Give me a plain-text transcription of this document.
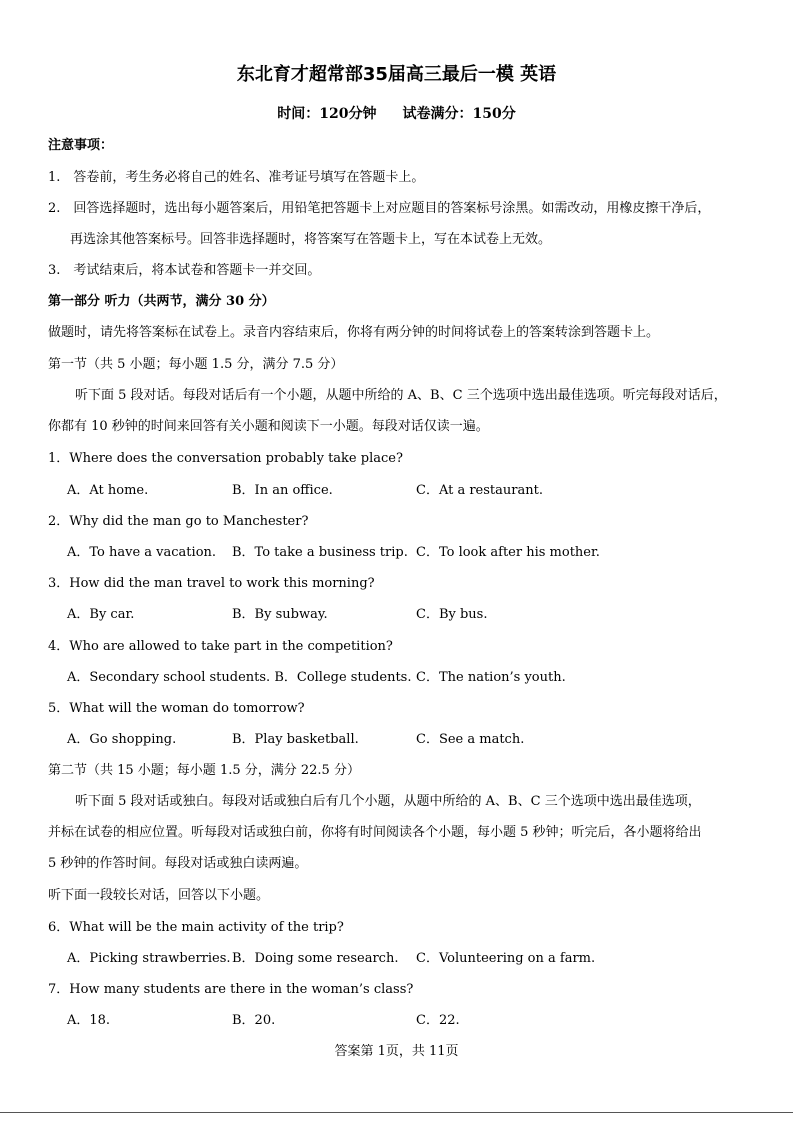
东北育才超常部35届高三最后一模 英语
时间：120分钟 试卷满分：150分
注意事项：
1.　答卷前，考生务必将自己的姓名、准考证号填写在答题卡上。
2.　回答选择题时，选出每小题答案后，用铅笔把答题卡上对应题目的答案标号涂黑。如需改动，用橡皮擦干净后，
再选涂其他答案标号。回答非选择题时，将答案写在答题卡上，写在本试卷上无效。
3.　考试结束后，将本试卷和答题卡一并交回。
第一部分 听力（共两节，满分 30 分）
做题时，请先将答案标在试卷上。录音内容结束后，你将有两分钟的时间将试卷上的答案转涂到答题卡上。
第一节（共 5 小题；每小题 1.5 分，满分 7.5 分）
听下面 5 段对话。每段对话后有一个小题，从题中所给的 A、B、C 三个选项中选出最佳选项。听完每段对话后，
你都有 10 秒钟的时间来回答有关小题和阅读下一小题。每段对话仅读一遍。
1．Where does the conversation probably take place?
A．At home.	B．In an office.	C．At a restaurant.
2．Why did the man go to Manchester?
A．To have a vacation. B．To take a business trip. C．To look after his mother.
3．How did the man travel to work this morning?
A．By car.	B．By subway.	C．By bus.
4．Who are allowed to take part in the competition?
A．Secondary school students. B．College students. C．The nation’s youth.
5．What will the woman do tomorrow?
A．Go shopping.	B．Play basketball.	C．See a match.
第二节（共 15 小题；每小题 1.5 分，满分 22.5 分）
听下面 5 段对话或独白。每段对话或独白后有几个小题，从题中所给的 A、B、C 三个选项中选出最佳选项，
并标在试卷的相应位置。听每段对话或独白前，你将有时间阅读各个小题，每小题 5 秒钟；听完后，各小题将给出
5 秒钟的作答时间。每段对话或独白读两遍。
听下面一段较长对话，回答以下小题。
6．What will be the main activity of the trip?
A．Picking strawberries. B．Doing some research. C．Volunteering on a farm.
7．How many students are there in the woman’s class?
A．18.	B．20.	C．22.
答案第 1页，共 11页
